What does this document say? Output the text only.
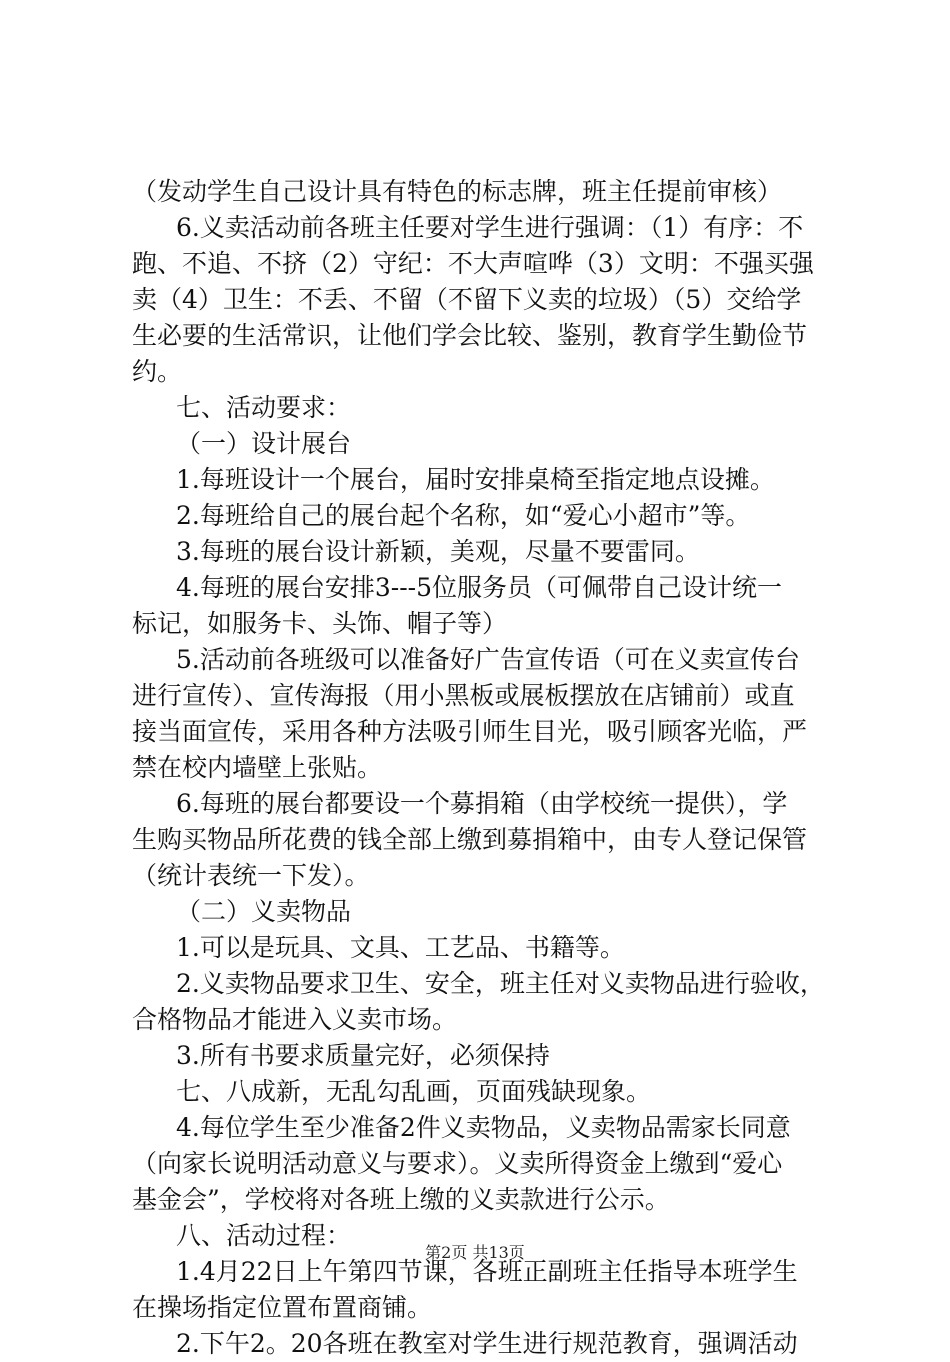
（发动学生自己设计具有特色的标志牌，班主任提前审核）
6.义卖活动前各班主任要对学生进行强调：（1）有序：不
跑、不追、不挤（2）守纪：不大声喧哗（3）文明：不强买强
卖（4）卫生：不丢、不留（不留下义卖的垃圾）（5）交给学
生必要的生活常识，让他们学会比较、鉴别，教育学生勤俭节
约。
七、活动要求：
（一）设计展台
1.每班设计一个展台，届时安排桌椅至指定地点设摊。
2.每班给自己的展台起个名称，如“爱心小超市”等。
3.每班的展台设计新颖，美观，尽量不要雷同。
4.每班的展台安排3---5位服务员（可佩带自己设计统一
标记，如服务卡、头饰、帽子等）
5.活动前各班级可以准备好广告宣传语（可在义卖宣传台
进行宣传）、宣传海报（用小黑板或展板摆放在店铺前）或直
接当面宣传，采用各种方法吸引师生目光，吸引顾客光临，严
禁在校内墙壁上张贴。
6.每班的展台都要设一个募捐箱（由学校统一提供），学
生购买物品所花费的钱全部上缴到募捐箱中，由专人登记保管
（统计表统一下发）。
（二）义卖物品
1.可以是玩具、文具、工艺品、书籍等。
2.义卖物品要求卫生、安全，班主任对义卖物品进行验收，
合格物品才能进入义卖市场。
3.所有书要求质量完好，必须保持
七、八成新，无乱勾乱画，页面残缺现象。
4.每位学生至少准备2件义卖物品，义卖物品需家长同意
（向家长说明活动意义与要求）。义卖所得资金上缴到“爱心
基金会”，学校将对各班上缴的义卖款进行公示。
八、活动过程：
1.4月22日上午第四节课，各班正副班主任指导本班学生
在操场指定位置布置商铺。
2.下午2。20各班在教室对学生进行规范教育，强调活动
第2页 共13页
